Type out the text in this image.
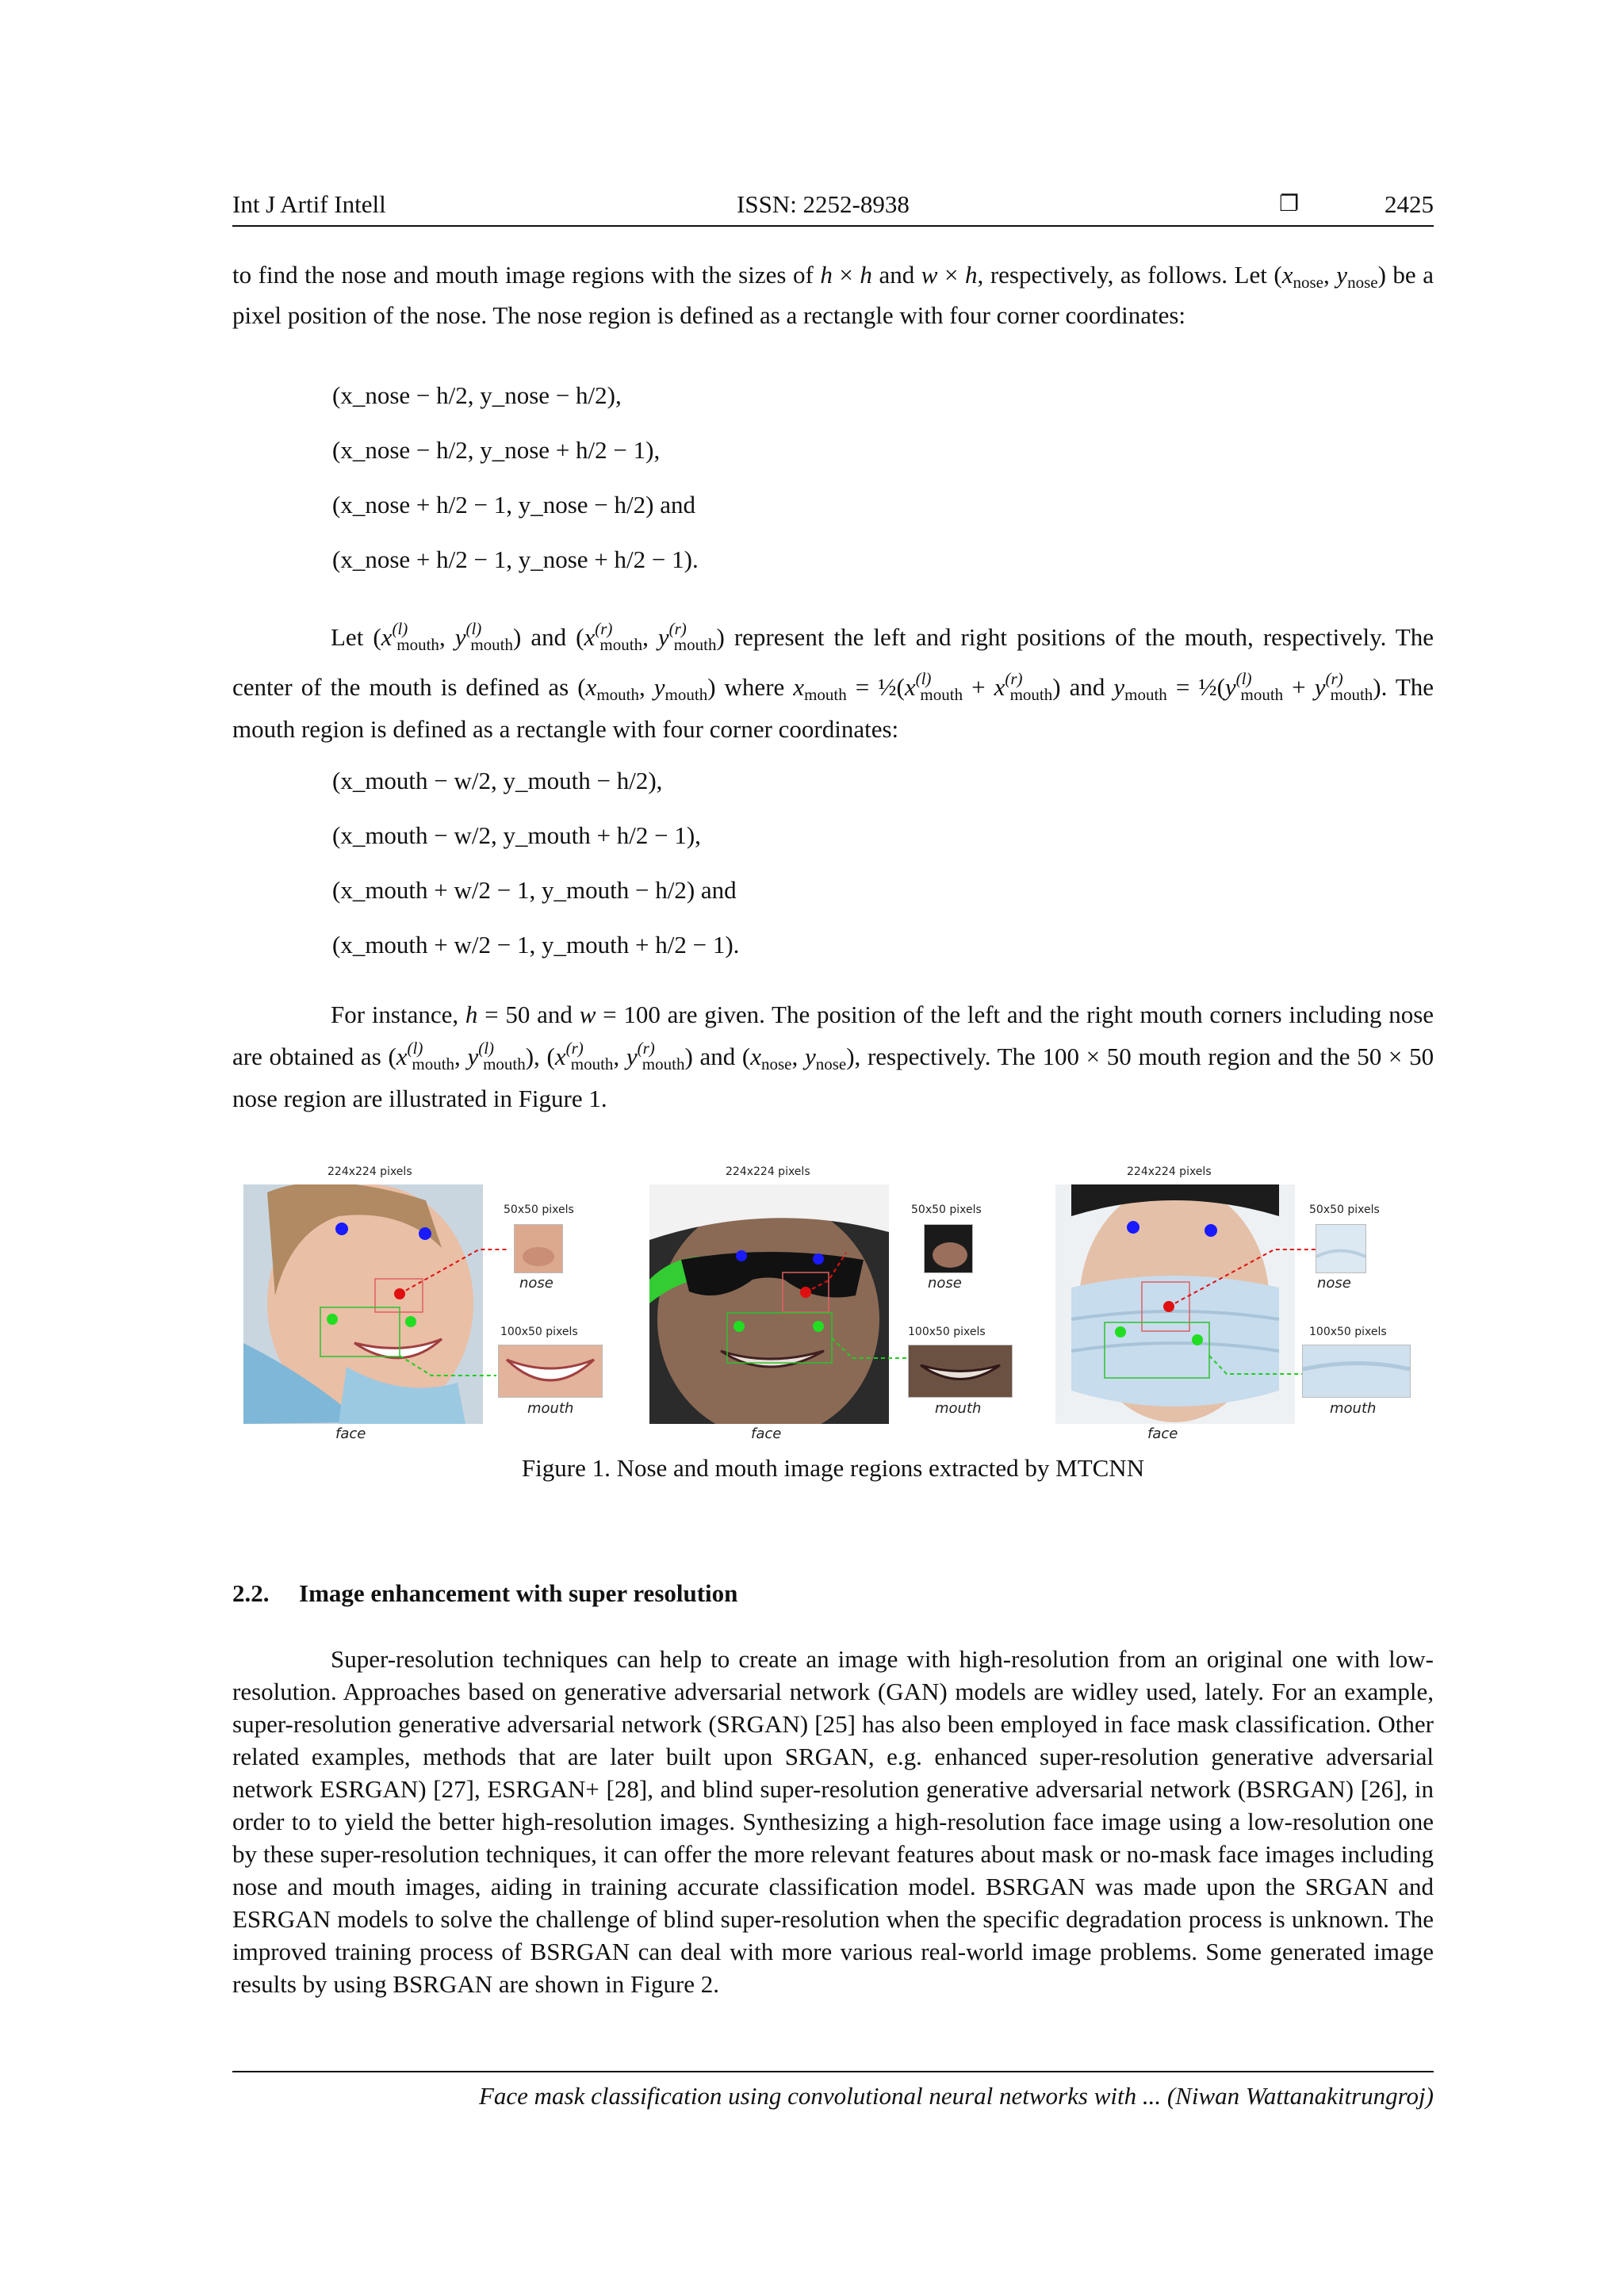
Int J Artif Intell	ISSN: 2252-8938	❐	2425
to find the nose and mouth image regions with the sizes of h × h and w × h, respectively, as follows. Let ($x_{nose}$, $y_{nose}$) be a pixel position of the nose. The nose region is defined as a rectangle with four corner coordinates:
(x_nose − h/2, y_nose − h/2),
(x_nose − h/2, y_nose + h/2 − 1),
(x_nose + h/2 − 1, y_nose − h/2) and
(x_nose + h/2 − 1, y_nose + h/2 − 1).
Let ($x^{(l)}_{mouth}$, $y^{(l)}_{mouth}$) and ($x^{(r)}_{mouth}$, $y^{(r)}_{mouth}$) represent the left and right positions of the mouth, respectively. The center of the mouth is defined as ($x_{mouth}$, $y_{mouth}$) where $x_{mouth}$ = $\frac{1}{2}(x^{(l)}_{mouth} + x^{(r)}_{mouth})$ and $y_{mouth}$ = $\frac{1}{2}(y^{(l)}_{mouth} + y^{(r)}_{mouth})$. The mouth region is defined as a rectangle with four corner coordinates:
(x_mouth − w/2, y_mouth − h/2),
(x_mouth − w/2, y_mouth + h/2 − 1),
(x_mouth + w/2 − 1, y_mouth − h/2) and
(x_mouth + w/2 − 1, y_mouth + h/2 − 1).
For instance, h = 50 and w = 100 are given. The position of the left and the right mouth corners including nose are obtained as ($x^{(l)}_{mouth}$, $y^{(l)}_{mouth}$), ($x^{(r)}_{mouth}$, $y^{(r)}_{mouth}$) and ($x_{nose}$, $y_{nose}$), respectively. The 100 × 50 mouth region and the 50 × 50 nose region are illustrated in Figure 1.
224x224 pixels
50x50 pixels
nose
100x50 pixels
mouth
face
224x224 pixels
50x50 pixels
nose
100x50 pixels
mouth
face
224x224 pixels
50x50 pixels
nose
100x50 pixels
mouth
face
Figure 1. Nose and mouth image regions extracted by MTCNN
2.2. Image enhancement with super resolution
Super-resolution techniques can help to create an image with high-resolution from an original one with low-resolution. Approaches based on generative adversarial network (GAN) models are widley used, lately. For an example, super-resolution generative adversarial network (SRGAN) [25] has also been employed in face mask classification. Other related examples, methods that are later built upon SRGAN, e.g. enhanced super-resolution generative adversarial network ESRGAN) [27], ESRGAN+ [28], and blind super-resolution generative adversarial network (BSRGAN) [26], in order to to yield the better high-resolution images. Synthesizing a high-resolution face image using a low-resolution one by these super-resolution techniques, it can offer the more relevant features about mask or no-mask face images including nose and mouth images, aiding in training accurate classification model. BSRGAN was made upon the SRGAN and ESRGAN models to solve the challenge of blind super-resolution when the specific degradation process is unknown. The improved training process of BSRGAN can deal with more various real-world image problems. Some generated image results by using BSRGAN are shown in Figure 2.
Face mask classification using convolutional neural networks with ... (Niwan Wattanakitrungroj)
